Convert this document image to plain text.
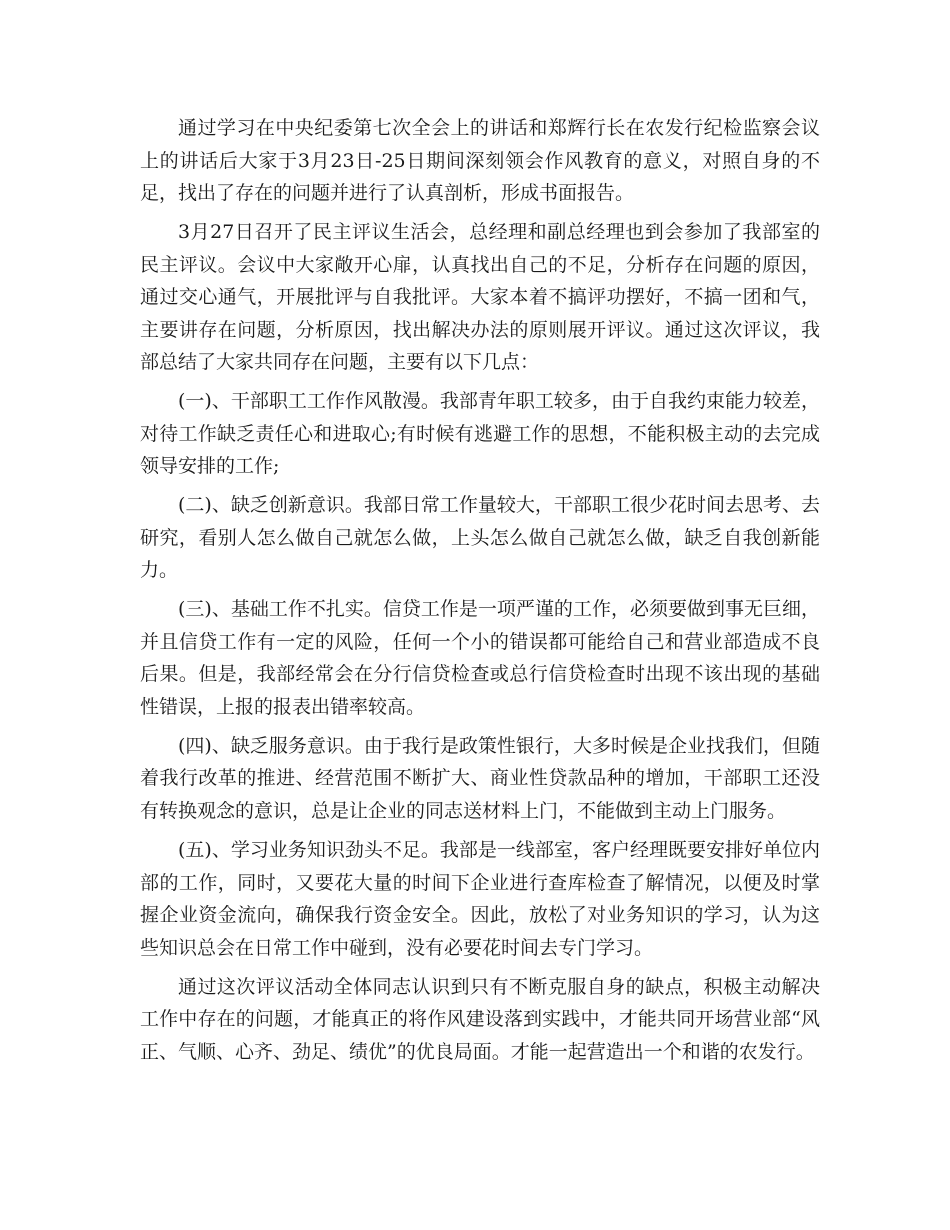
通过学习在中央纪委第七次全会上的讲话和郑辉行长在农发行纪检监察会议上的讲话后大家于3月23日-25日期间深刻领会作风教育的意义，对照自身的不足，找出了存在的问题并进行了认真剖析，形成书面报告。

3月27日召开了民主评议生活会，总经理和副总经理也到会参加了我部室的民主评议。会议中大家敞开心扉，认真找出自己的不足，分析存在问题的原因，通过交心通气，开展批评与自我批评。大家本着不搞评功摆好，不搞一团和气，主要讲存在问题，分析原因，找出解决办法的原则展开评议。通过这次评议，我部总结了大家共同存在问题，主要有以下几点：

(一)、干部职工工作作风散漫。我部青年职工较多，由于自我约束能力较差，对待工作缺乏责任心和进取心;有时候有逃避工作的思想，不能积极主动的去完成领导安排的工作;

(二)、缺乏创新意识。我部日常工作量较大，干部职工很少花时间去思考、去研究，看别人怎么做自己就怎么做，上头怎么做自己就怎么做，缺乏自我创新能力。

(三)、基础工作不扎实。信贷工作是一项严谨的工作，必须要做到事无巨细，并且信贷工作有一定的风险，任何一个小的错误都可能给自己和营业部造成不良后果。但是，我部经常会在分行信贷检查或总行信贷检查时出现不该出现的基础性错误，上报的报表出错率较高。

(四)、缺乏服务意识。由于我行是政策性银行，大多时候是企业找我们，但随着我行改革的推进、经营范围不断扩大、商业性贷款品种的增加，干部职工还没有转换观念的意识，总是让企业的同志送材料上门，不能做到主动上门服务。

(五)、学习业务知识劲头不足。我部是一线部室，客户经理既要安排好单位内部的工作，同时，又要花大量的时间下企业进行查库检查了解情况，以便及时掌握企业资金流向，确保我行资金安全。因此，放松了对业务知识的学习，认为这些知识总会在日常工作中碰到，没有必要花时间去专门学习。

通过这次评议活动全体同志认识到只有不断克服自身的缺点，积极主动解决工作中存在的问题，才能真正的将作风建设落到实践中，才能共同开场营业部“风正、气顺、心齐、劲足、绩优”的优良局面。才能一起营造出一个和谐的农发行。
